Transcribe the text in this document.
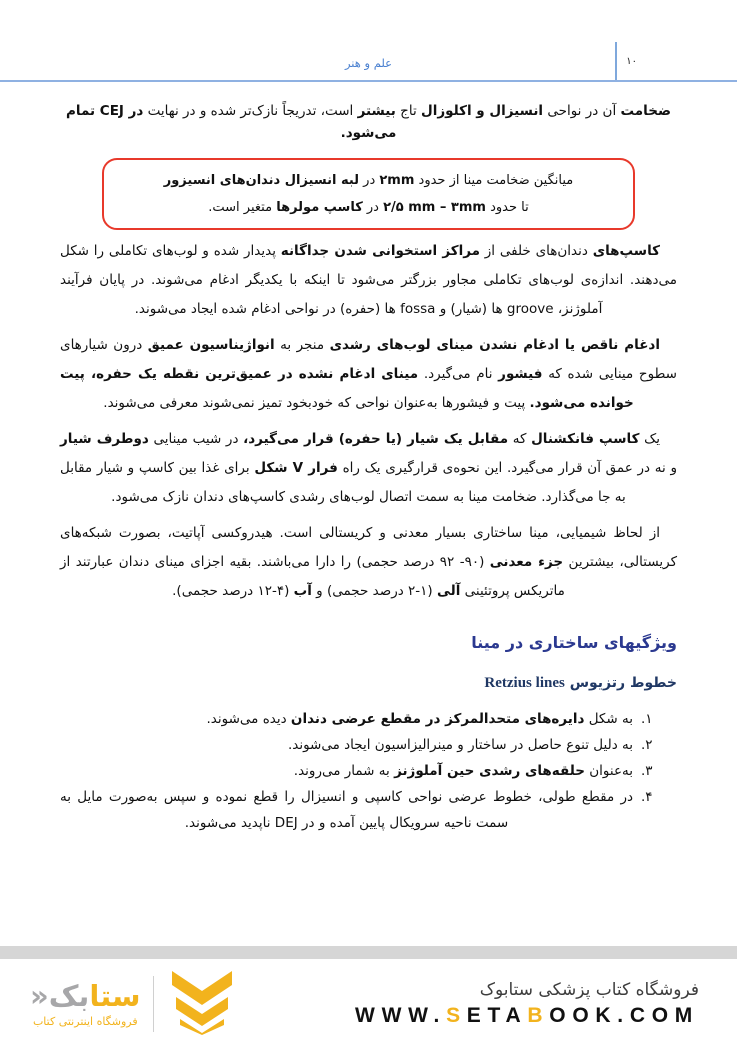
۱۰
علم و هنر

ضخامت آن در نواحی انسیزال و اکلوزال تاج بیشتر است، تدریجاً نازک‌تر شده و در نهایت در CEJ تمام می‌شود.

میانگین ضخامت مینا از حدود ۲mm در لبه انسیزال دندان‌های انسیزور
تا حدود ۲/۵ mm – ۳mm در کاسپ مولرها متغیر است.

کاسپ‌های دندان‌های خلفی از مراکز استخوانی شدن جداگانه پدیدار شده و لوب‌های تکاملی را شکل می‌دهند. اندازه‌ی لوب‌های تکاملی مجاور بزرگتر می‌شود تا اینکه با یکدیگر ادغام می‌شوند. در پایان فرآیند آملوژنز، groove ها (شیار) و fossa ها (حفره) در نواحی ادغام شده ایجاد می‌شوند.

ادغام ناقص یا ادغام نشدن مینای لوب‌های رشدی منجر به انواژیناسیون عمیق درون شیارهای سطوح مینایی شده که فیشور نام می‌گیرد. مینای ادغام نشده در عمیق‌ترین نقطه یک حفره، پیت خوانده می‌شود. پیت و فیشورها به‌عنوان نواحی که خودبخود تمیز نمی‌شوند معرفی می‌شوند.

یک کاسپ فانکشنال که مقابل یک شیار (یا حفره) قرار می‌گیرد، در شیب مینایی دوطرف شیار و نه در عمق آن قرار می‌گیرد. این نحوه‌ی قرارگیری یک راه فرار V شکل برای غذا بین کاسپ و شیار مقابل به جا می‌گذارد. ضخامت مینا به سمت اتصال لوب‌های رشدی کاسپ‌های دندان نازک می‌شود.

از لحاظ شیمیایی، مینا ساختاری بسیار معدنی و کریستالی است. هیدروکسی آپاتیت، بصورت شبکه‌های کریستالی، بیشترین جزء معدنی (۹۲ -۹۰ درصد حجمی) را دارا می‌باشند. بقیه اجزای مینای دندان عبارتند از ماتریکس پروتئینی آلی (۲-۱ درصد حجمی) و آب (۱۲-۴ درصد حجمی).

ویژگیهای ساختاری در مینا
خطوط رتزیوس Retzius lines
۱.
به شکل دایره‌های متحدالمرکز در مقطع عرضی دندان دیده می‌شوند.
۲.
به دلیل تنوع حاصل در ساختار و مینرالیزاسیون ایجاد می‌شوند.
۳.
به‌عنوان حلقه‌های رشدی حین آملوژنز به شمار می‌روند.
۴.
در مقطع طولی، خطوط عرضی نواحی کاسپی و انسیزال را قطع نموده و سپس به‌صورت مایل به سمت ناحیه سرویکال پایین آمده و در DEJ ناپدید می‌شوند.
ستابک«
فروشگاه اینترنتی کتاب
فروشگاه کتاب پزشکی ستابوک
WWW.SETABOOK.COM
